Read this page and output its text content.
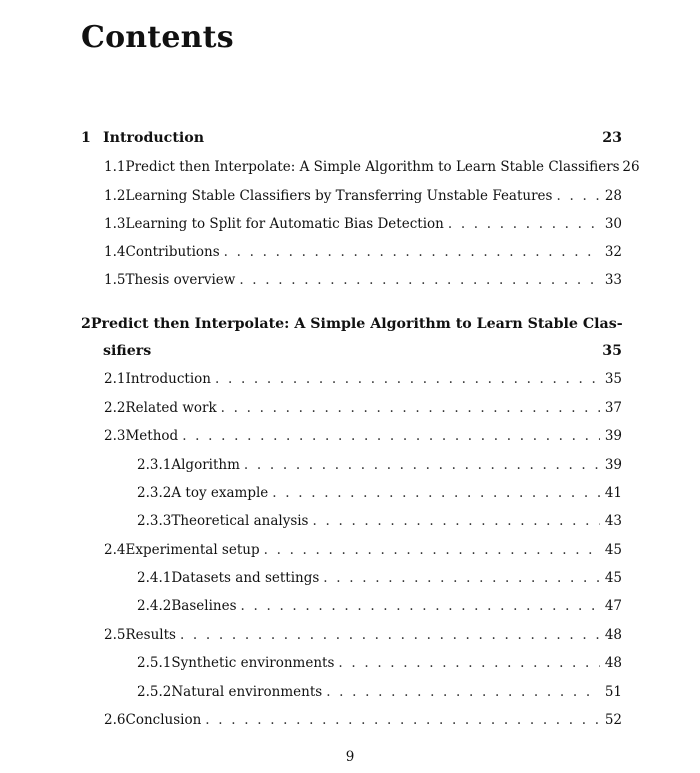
Contents
1 Introduction	23
1.1 Predict then Interpolate: A Simple Algorithm to Learn Stable Classifiers 26
1.2 Learning Stable Classifiers by Transferring Unstable Features . . .	28
1.3 Learning to Split for Automatic Bias Detection . . .	30
1.4 Contributions . . .	32
1.5 Thesis overview . . .	33
2 Predict then Interpolate: A Simple Algorithm to Learn Stable Clas-
sifiers	35
2.1 Introduction . . .	35
2.2 Related work . . .	37
2.3 Method . . .	39
2.3.1 Algorithm . . .	39
2.3.2 A toy example . . .	41
2.3.3 Theoretical analysis . . .	43
2.4 Experimental setup . . .	45
2.4.1 Datasets and settings . . .	45
2.4.2 Baselines . . .	47
2.5 Results . . .	48
2.5.1 Synthetic environments . . .	48
2.5.2 Natural environments . . .	51
2.6 Conclusion . . .	52
9
